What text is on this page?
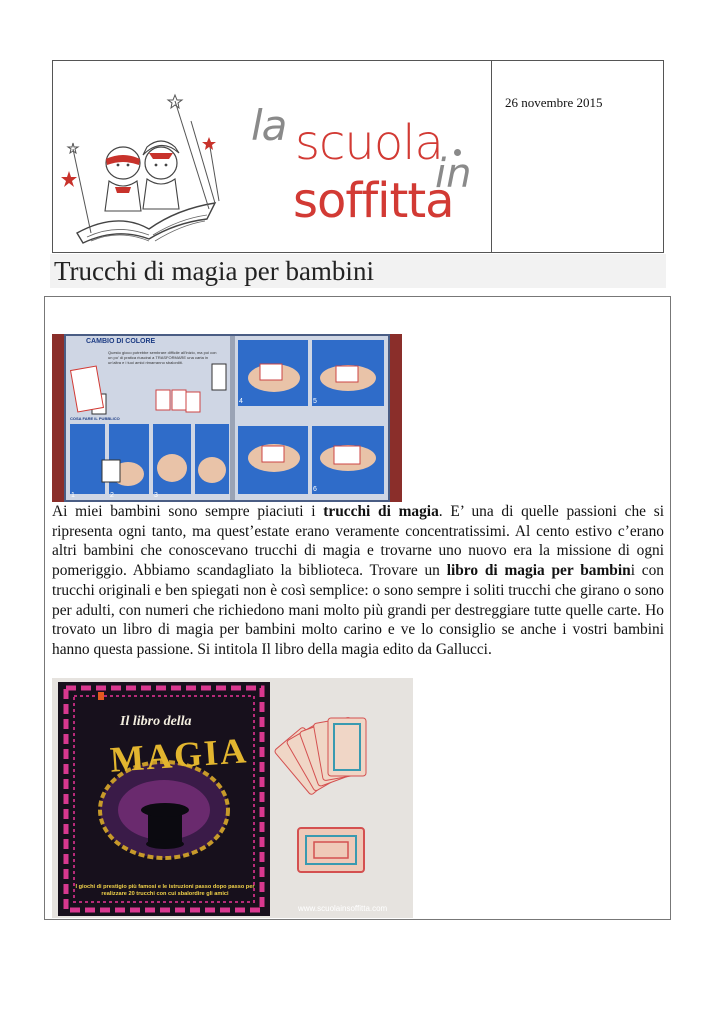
la scuola
in
soffitta
26 novembre 2015
Trucchi di magia per bambini
CAMBIO DI COLORE
Questo gioco potrebbe sembrare difficile all'inizio, ma poi con un po' di pratica riuscirai a TRASFORMARE una carta in un'altra e i tuoi amici rimarranno sbalorditi.
COSA FARE IL PUBBLICO
1	2	3
4	5
6

Ai miei bambini sono sempre piaciuti i trucchi di magia. E’ una di quelle passioni che si ripresenta ogni tanto, ma quest’estate erano veramente concentratissimi. Al cento estivo c’erano altri bambini che conoscevano trucchi di magia e trovarne uno nuovo era la missione di ogni pomeriggio. Abbiamo scandagliato la biblioteca. Trovare un libro di magia per bambini con trucchi originali e ben spiegati non è così semplice: o sono sempre i soliti trucchi che girano o sono per adulti, con numeri che richiedono mani molto più grandi per destreggiare tutte quelle carte. Ho trovato un libro di magia per bambini molto carino e ve lo consiglio se anche i vostri bambini hanno questa passione. Si intitola Il libro della magia edito da Gallucci.

Il libro della
MAGIA
I giochi di prestigio più famosi e le istruzioni passo dopo passo per realizzare 20 trucchi con cui sbalordire gli amici
www.scuolainsoffitta.com
